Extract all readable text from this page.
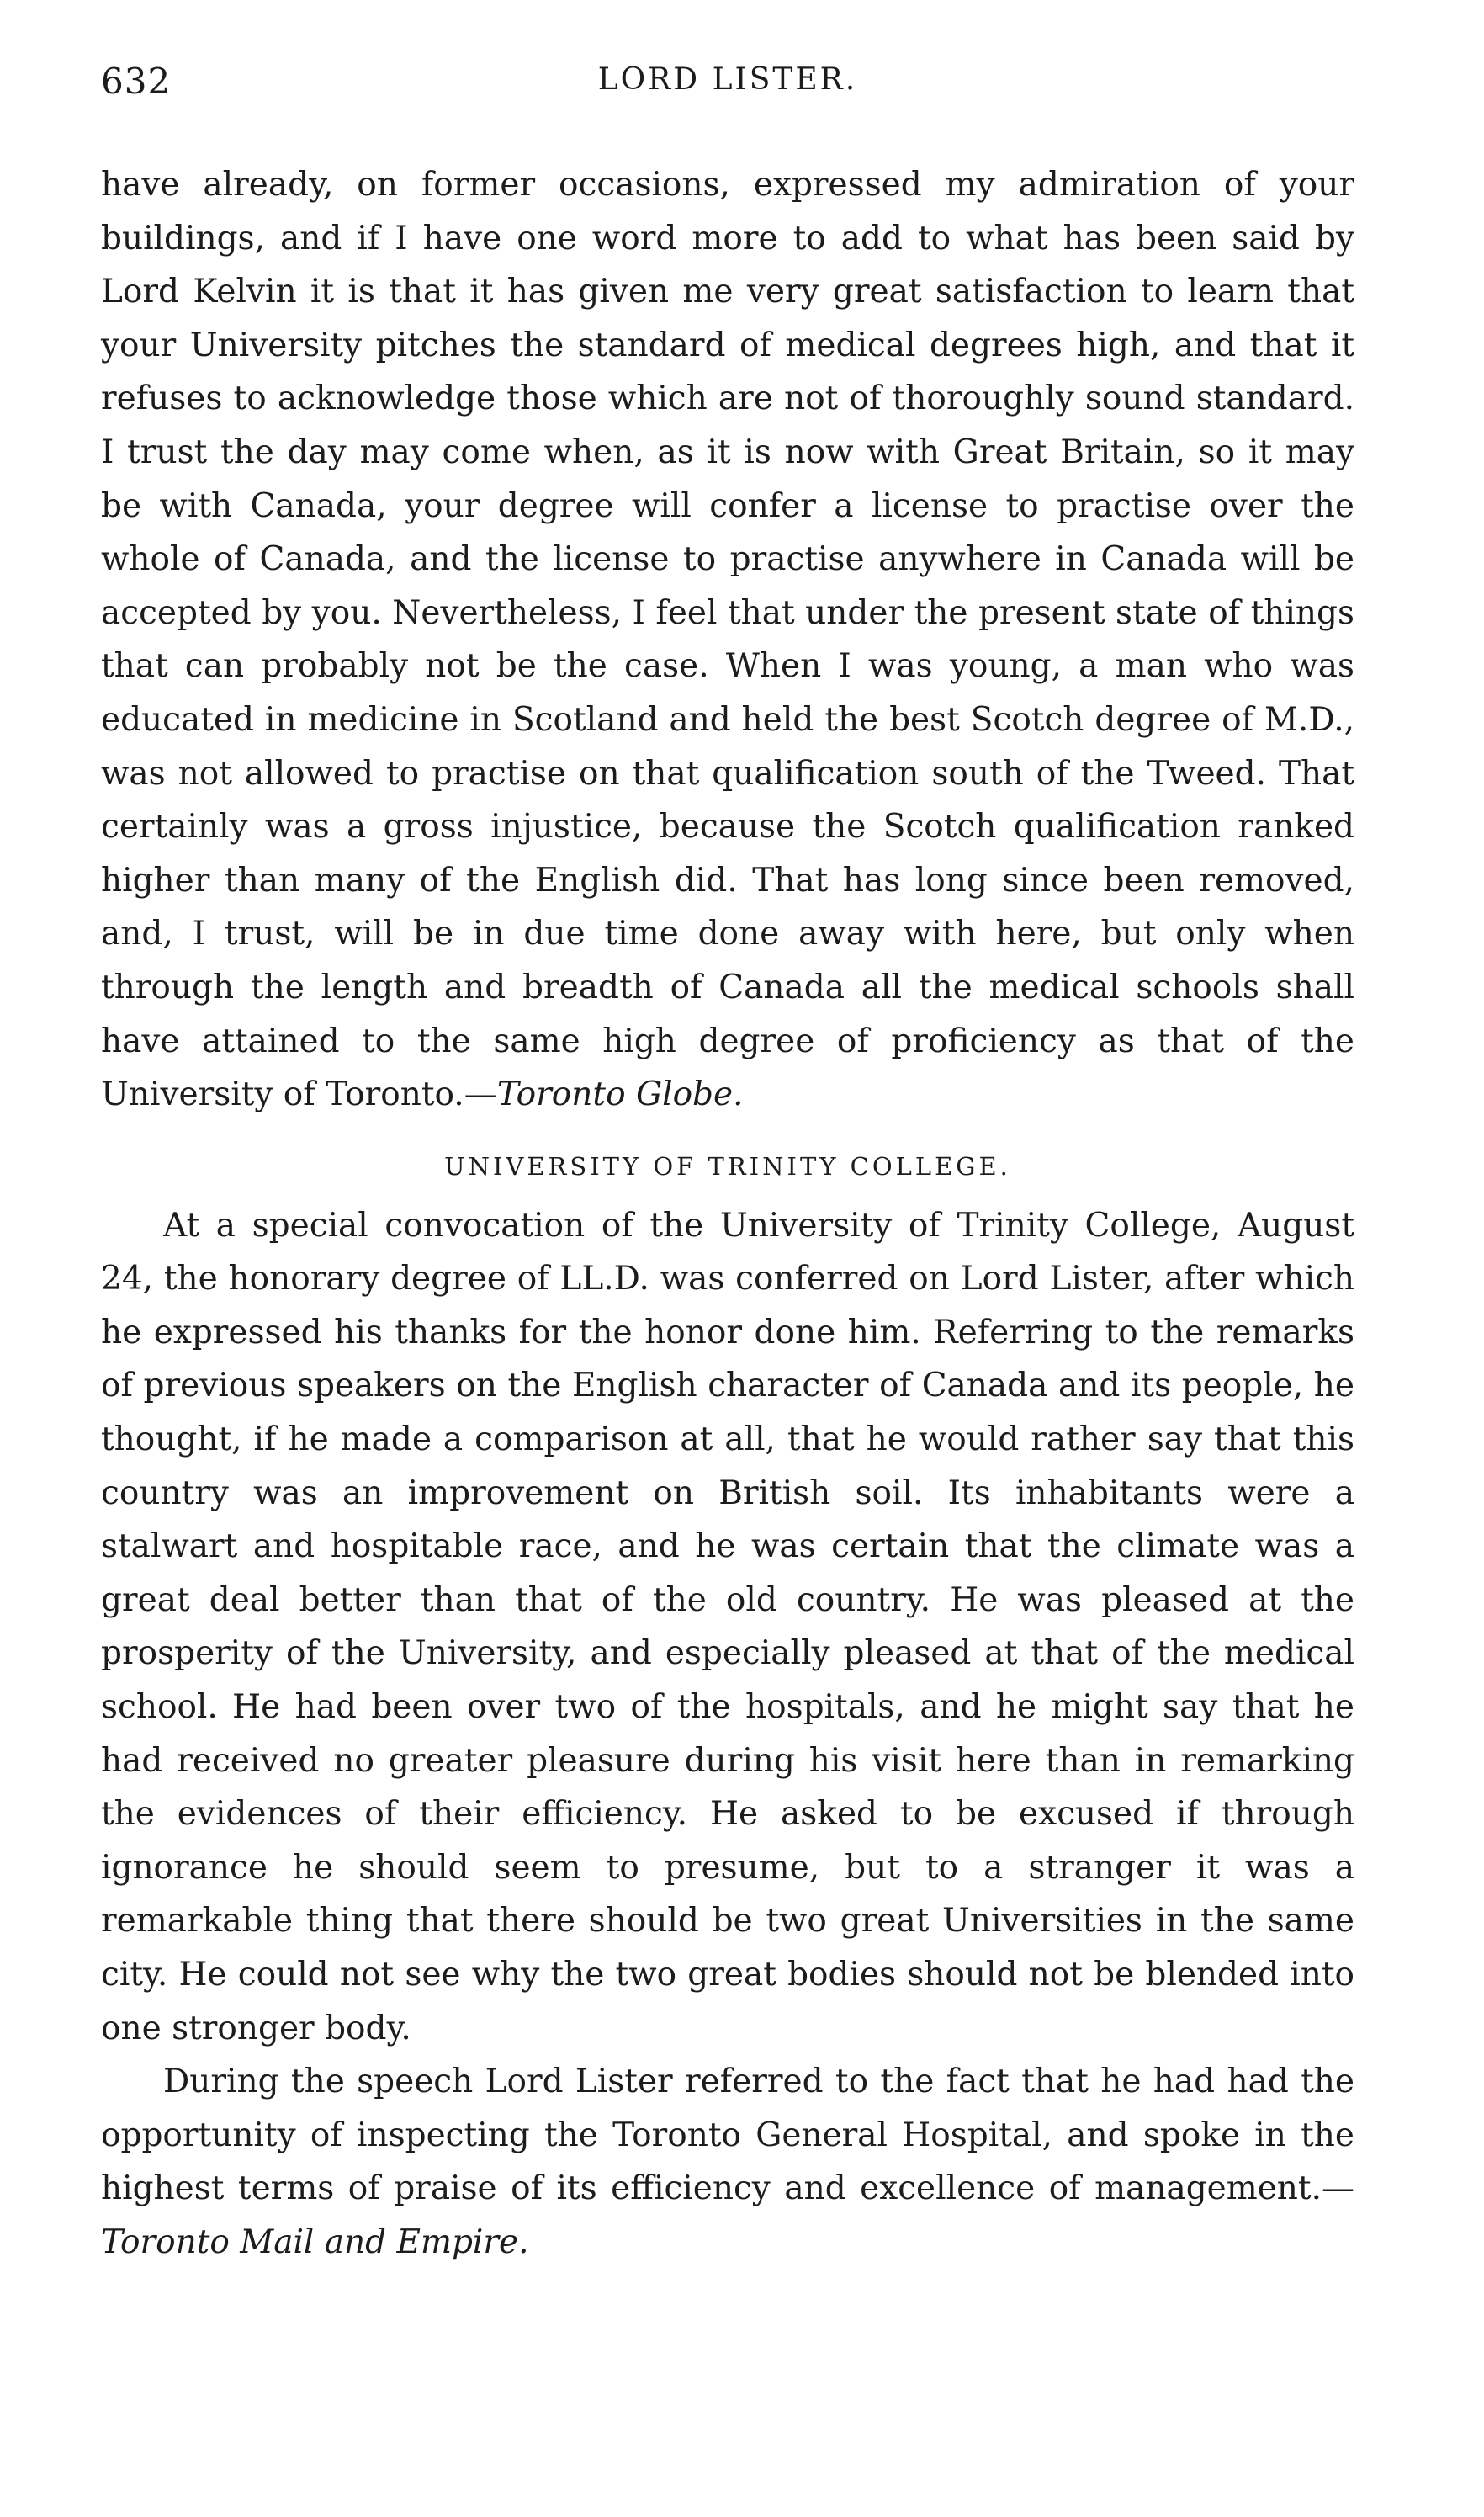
632	LORD LISTER.

have already, on former occasions, expressed my admiration of your buildings, and if I have one word more to add to what has been said by Lord Kelvin it is that it has given me very great satisfaction to learn that your University pitches the standard of medical degrees high, and that it refuses to acknowledge those which are not of thoroughly sound standard. I trust the day may come when, as it is now with Great Britain, so it may be with Canada, your degree will confer a license to practise over the whole of Canada, and the license to practise anywhere in Canada will be accepted by you. Nevertheless, I feel that under the present state of things that can probably not be the case. When I was young, a man who was educated in medicine in Scotland and held the best Scotch degree of M.D., was not allowed to practise on that qualification south of the Tweed. That certainly was a gross injustice, because the Scotch qualification ranked higher than many of the English did. That has long since been removed, and, I trust, will be in due time done away with here, but only when through the length and breadth of Canada all the medical schools shall have attained to the same high degree of proficiency as that of the University of Toronto.—Toronto Globe.

UNIVERSITY OF TRINITY COLLEGE.

At a special convocation of the University of Trinity College, August 24, the honorary degree of LL.D. was conferred on Lord Lister, after which he expressed his thanks for the honor done him. Referring to the remarks of previous speakers on the English character of Canada and its people, he thought, if he made a comparison at all, that he would rather say that this country was an improvement on British soil. Its inhabitants were a stalwart and hospitable race, and he was certain that the climate was a great deal better than that of the old country. He was pleased at the prosperity of the University, and especially pleased at that of the medical school. He had been over two of the hospitals, and he might say that he had received no greater pleasure during his visit here than in remarking the evidences of their efficiency. He asked to be excused if through ignorance he should seem to presume, but to a stranger it was a remarkable thing that there should be two great Universities in the same city. He could not see why the two great bodies should not be blended into one stronger body.

During the speech Lord Lister referred to the fact that he had had the opportunity of inspecting the Toronto General Hospital, and spoke in the highest terms of praise of its efficiency and excellence of management.—Toronto Mail and Empire.
